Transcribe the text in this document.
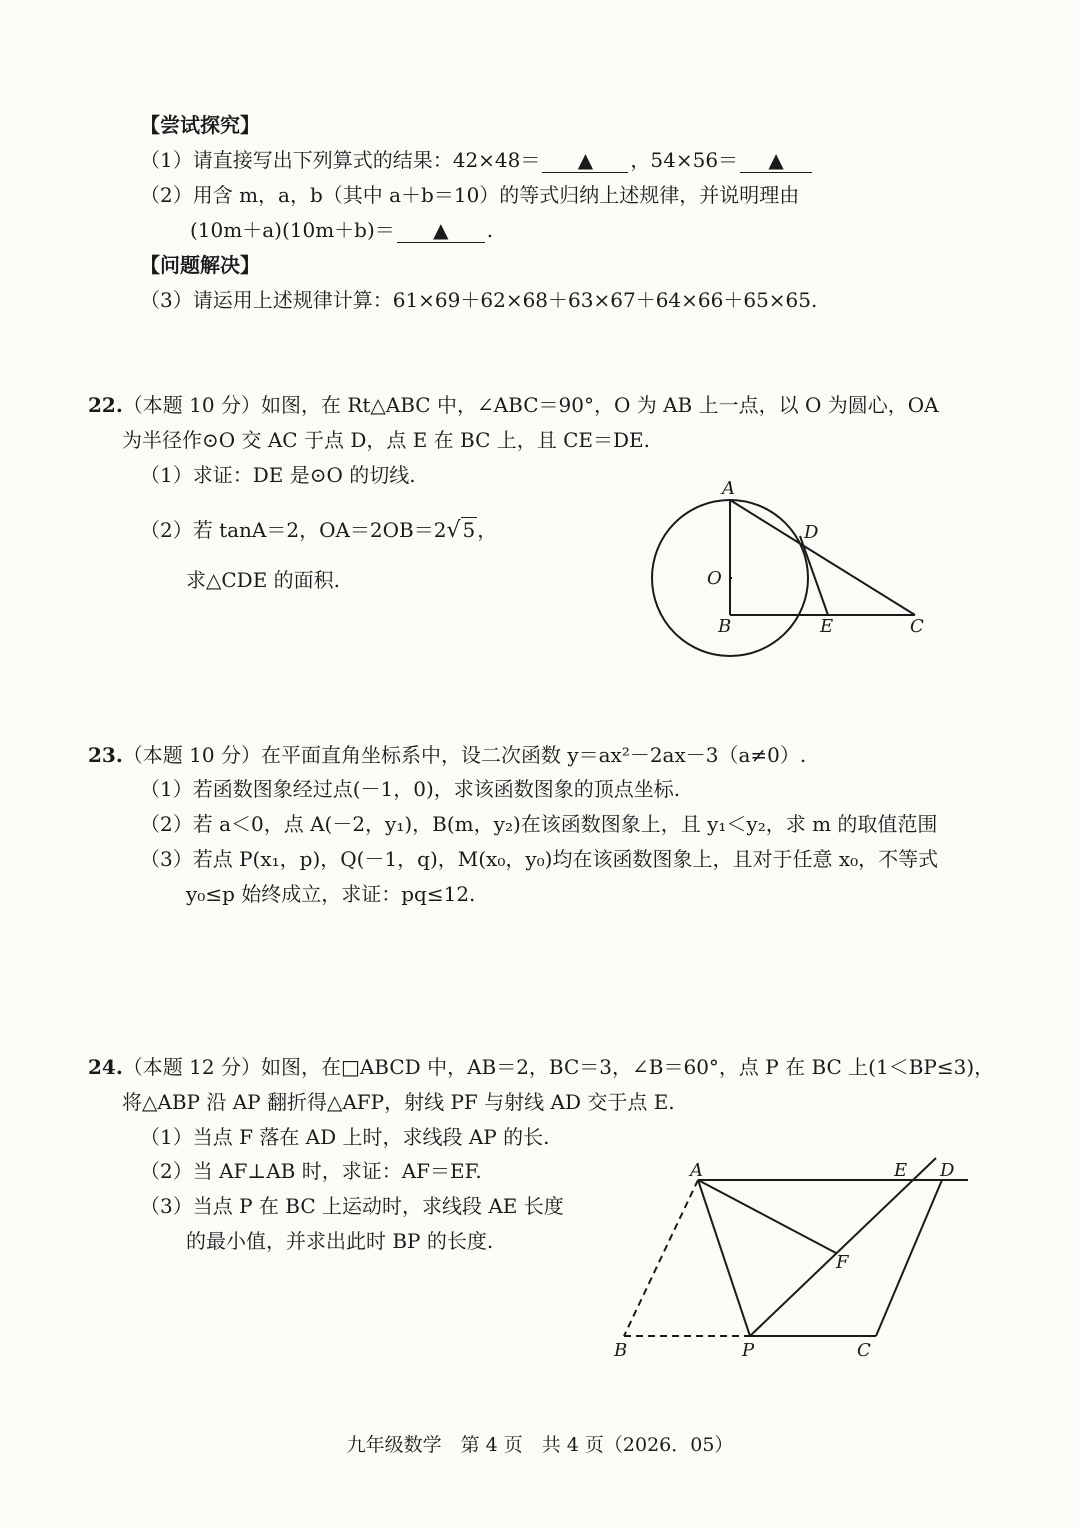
【尝试探究】
（1）请直接写出下列算式的结果：42×48＝ ▲ ，54×56＝ ▲
（2）用含 m，a，b（其中 a＋b＝10）的等式归纳上述规律，并说明理由
(10m＋a)(10m＋b)＝ ▲ .
【问题解决】
（3）请运用上述规律计算：61×69＋62×68＋63×67＋64×66＋65×65.
22.（本题 10 分）如图，在 Rt△ABC 中，∠ABC＝90°，O 为 AB 上一点，以 O 为圆心，OA
为半径作⊙O 交 AC 于点 D，点 E 在 BC 上，且 CE＝DE.
（1）求证：DE 是⊙O 的切线.
（2）若 tanA＝2，OA＝2OB＝2√ 5 ，
求△CDE 的面积.
A
O
D
B	E	C
23.（本题 10 分）在平面直角坐标系中，设二次函数 y＝ax²－2ax－3（a≠0）.
（1）若函数图象经过点(－1，0)，求该函数图象的顶点坐标.
（2）若 a＜0，点 A(－2，y₁)，B(m，y₂)在该函数图象上，且 y₁＜y₂，求 m 的取值范围
（3）若点 P(x₁，p)，Q(－1，q)，M(x₀，y₀)均在该函数图象上，且对于任意 x₀，不等式
y₀≤p 始终成立，求证：pq≤12.
24.（本题 12 分）如图，在□ABCD 中，AB＝2，BC＝3，∠B＝60°，点 P 在 BC 上(1＜BP≤3)，
将△ABP 沿 AP 翻折得△AFP，射线 PF 与射线 AD 交于点 E.
（1）当点 F 落在 AD 上时，求线段 AP 的长.
（2）当 AF⊥AB 时，求证：AF＝EF.
（3）当点 P 在 BC 上运动时，求线段 AE 长度
的最小值，并求出此时 BP 的长度.
A	E D
F
B	P	C
九年级数学　第 4 页　共 4 页（2026．05）
